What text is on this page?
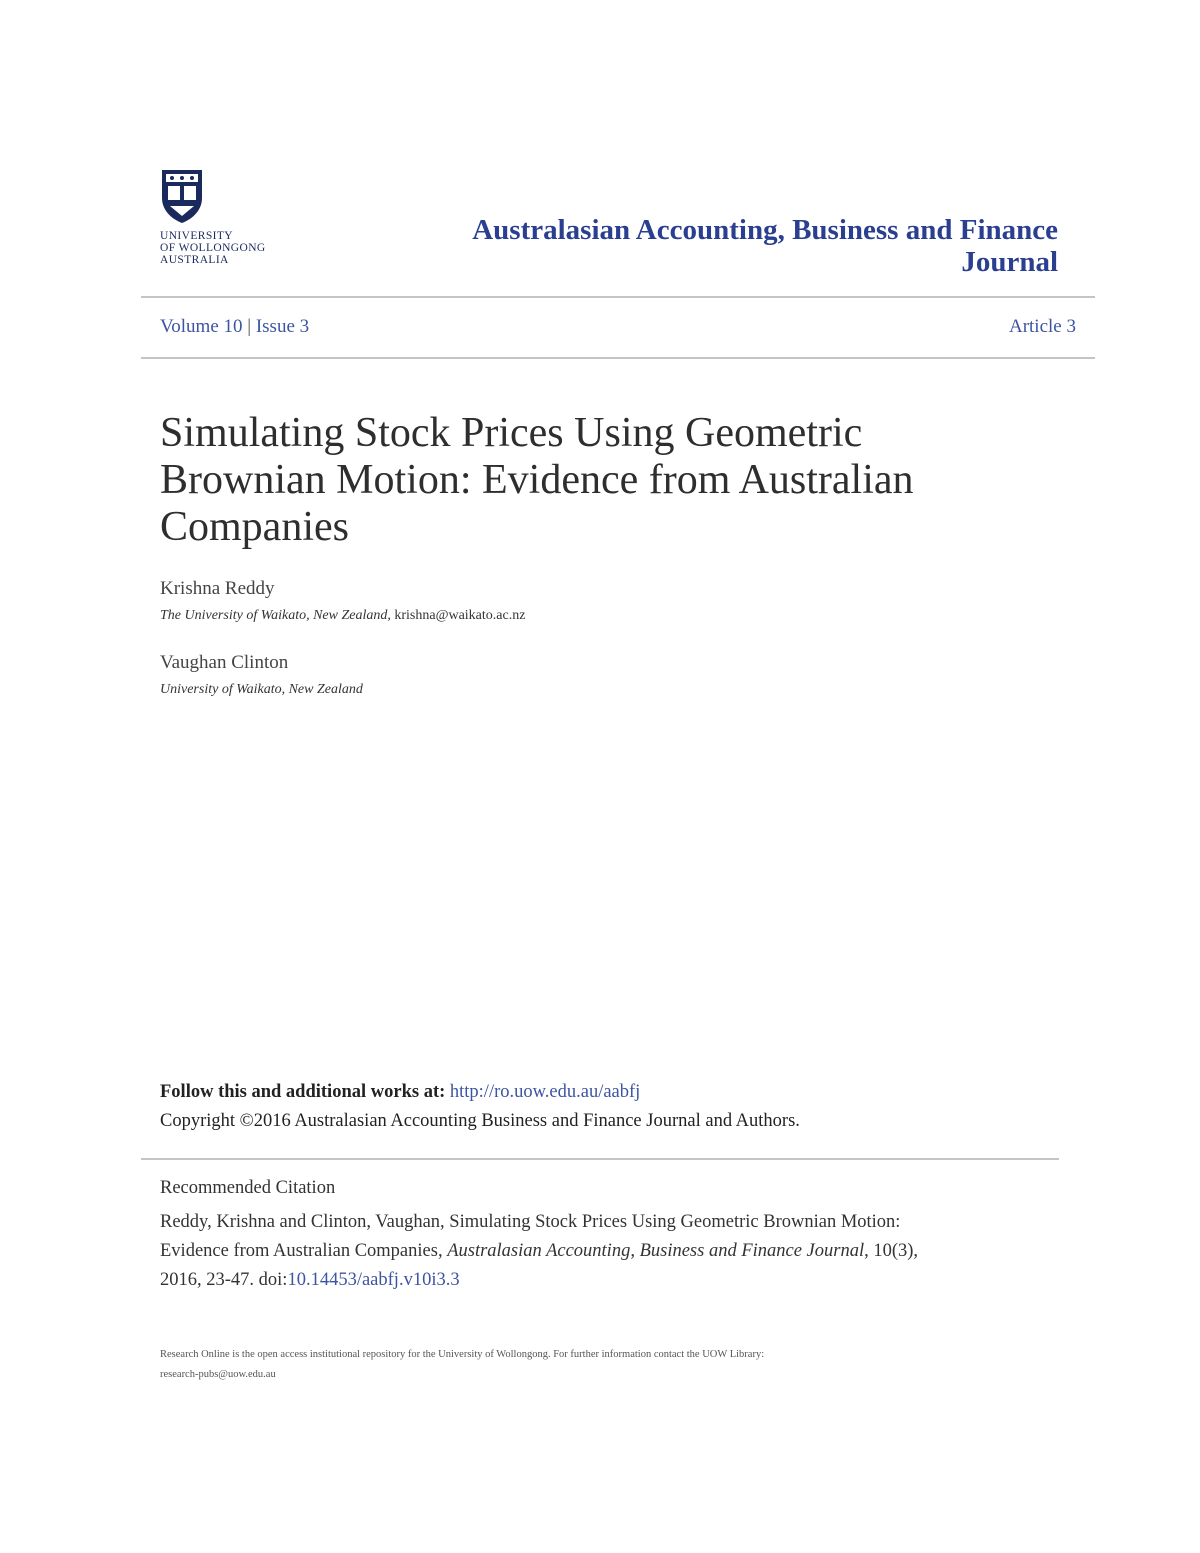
UNIVERSITY
OF WOLLONGONG
AUSTRALIA
Australasian Accounting, Business and Finance
Journal
Volume 10 | Issue 3	Article 3
Simulating Stock Prices Using Geometric
Brownian Motion: Evidence from Australian
Companies
Krishna Reddy
The University of Waikato, New Zealand, krishna@waikato.ac.nz
Vaughan Clinton
University of Waikato, New Zealand
Follow this and additional works at: http://ro.uow.edu.au/aabfj
Copyright ©2016 Australasian Accounting Business and Finance Journal and Authors.
Recommended Citation
Reddy, Krishna and Clinton, Vaughan, Simulating Stock Prices Using Geometric Brownian Motion:
Evidence from Australian Companies, Australasian Accounting, Business and Finance Journal, 10(3),
2016, 23-47. doi:10.14453/aabfj.v10i3.3
Research Online is the open access institutional repository for the University of Wollongong. For further information contact the UOW Library:
research-pubs@uow.edu.au
